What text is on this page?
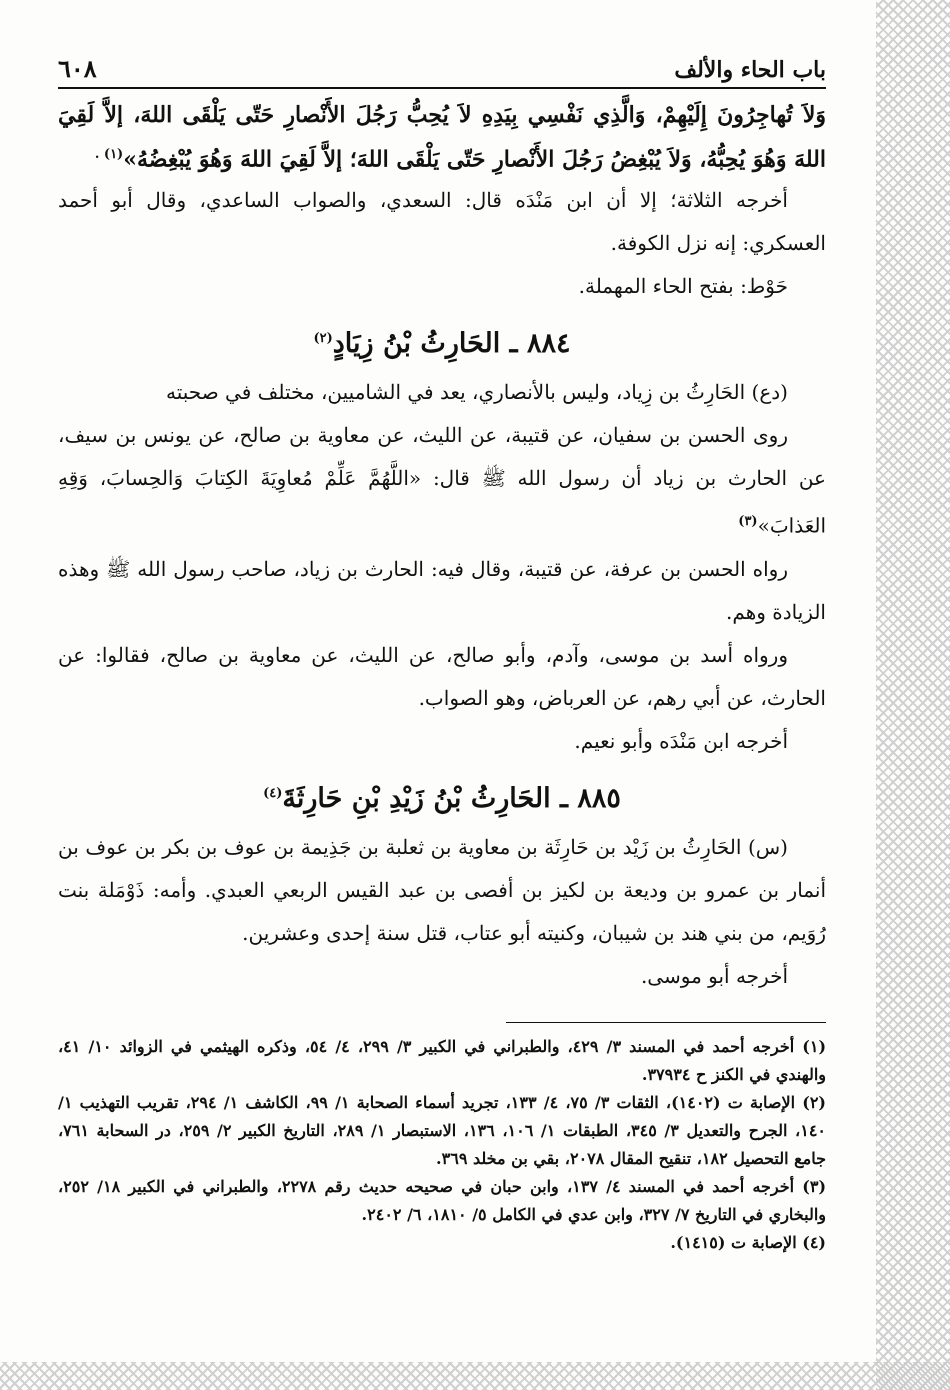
باب الحاء والألف
٦٠٨
وَلاَ تُهاجِرُونَ إِلَيْهِمْ، وَالَّذِي نَفْسِي بِيَدِهِ لاَ يُحِبُّ رَجُلَ الأَنْصارِ حَتّى يَلْقَى اللهَ، إلاَّ لَقِيَ اللهَ وَهُوَ يُحِبُّهُ، وَلاَ يُبْغِضُ رَجُلَ الأَنْصارِ حَتّى يَلْقَى اللهَ؛ إلاَّ لَقِيَ اللهَ وَهُوَ يُبْغِضُهُ»$^{(١) .}$

أخرجه الثلاثة؛ إلا أن ابن مَنْدَه قال: السعدي، والصواب الساعدي، وقال أبو أحمد العسكري: إنه نزل الكوفة.

حَوْط: بفتح الحاء المهملة.

٨٨٤ ـ الحَارِثُ بْنُ زِيَادٍ$^{(٢)}$

(دع) الحَارِثُ بن زِياد، وليس بالأنصاري، يعد في الشاميين، مختلف في صحبته

روى الحسن بن سفيان، عن قتيبة، عن الليث، عن معاوية بن صالح، عن يونس بن سيف، عن الحارث بن زياد أن رسول الله ﷺ قال: «اللَّهُمَّ عَلِّمْ مُعاوِيَةَ الكِتابَ وَالحِسابَ، وَقِهِ العَذابَ»$^{(٣)}$

رواه الحسن بن عرفة، عن قتيبة، وقال فيه: الحارث بن زياد، صاحب رسول الله ﷺ وهذه الزيادة وهم.

ورواه أسد بن موسى، وآدم، وأبو صالح، عن الليث، عن معاوية بن صالح، فقالوا: عن الحارث، عن أبي رهم، عن العرباض، وهو الصواب.

أخرجه ابن مَنْدَه وأبو نعيم.

٨٨٥ ـ الحَارِثُ بْنُ زَيْدِ بْنِ حَارِثَةَ$^{(٤)}$

(س) الحَارِثُ بن زَيْد بن حَارِثَة بن معاوية بن ثعلبة بن جَذِيمة بن عوف بن بكر بن عوف بن أنمار بن عمرو بن وديعة بن لكيز بن أفصى بن عبد القيس الربعي العبدي. وأمه: ذَوْمَلة بنت رُوَيم، من بني هند بن شيبان، وكنيته أبو عتاب، قتل سنة إحدى وعشرين.

أخرجه أبو موسى.

(١) أخرجه أحمد في المسند ٣/ ٤٢٩، والطبراني في الكبير ٣/ ٢٩٩، ٤/ ٥٤، وذكره الهيثمي في الزوائد ١٠/ ٤١، والهندي في الكنز ح ٣٧٩٣٤.

(٢) الإصابة ت (١٤٠٢)، الثقات ٣/ ٧٥، ٤/ ١٣٣، تجريد أسماء الصحابة ١/ ٩٩، الكاشف ١/ ٢٩٤، تقريب التهذيب ١/ ١٤٠، الجرح والتعديل ٣/ ٣٤٥، الطبقات ١/ ١٠٦، ١٣٦، الاستبصار ١/ ٢٨٩، التاريخ الكبير ٢/ ٢٥٩، در السحابة ٧٦١، جامع التحصيل ١٨٢، تنقيح المقال ٢٠٧٨، بقي بن مخلد ٣٦٩.

(٣) أخرجه أحمد في المسند ٤/ ١٣٧، وابن حبان في صحيحه حديث رقم ٢٢٧٨، والطبراني في الكبير ١٨/ ٢٥٢، والبخاري في التاريخ ٧/ ٣٢٧، وابن عدي في الكامل ٥/ ١٨١٠، ٦/ ٢٤٠٢.

(٤) الإصابة ت (١٤١٥).
